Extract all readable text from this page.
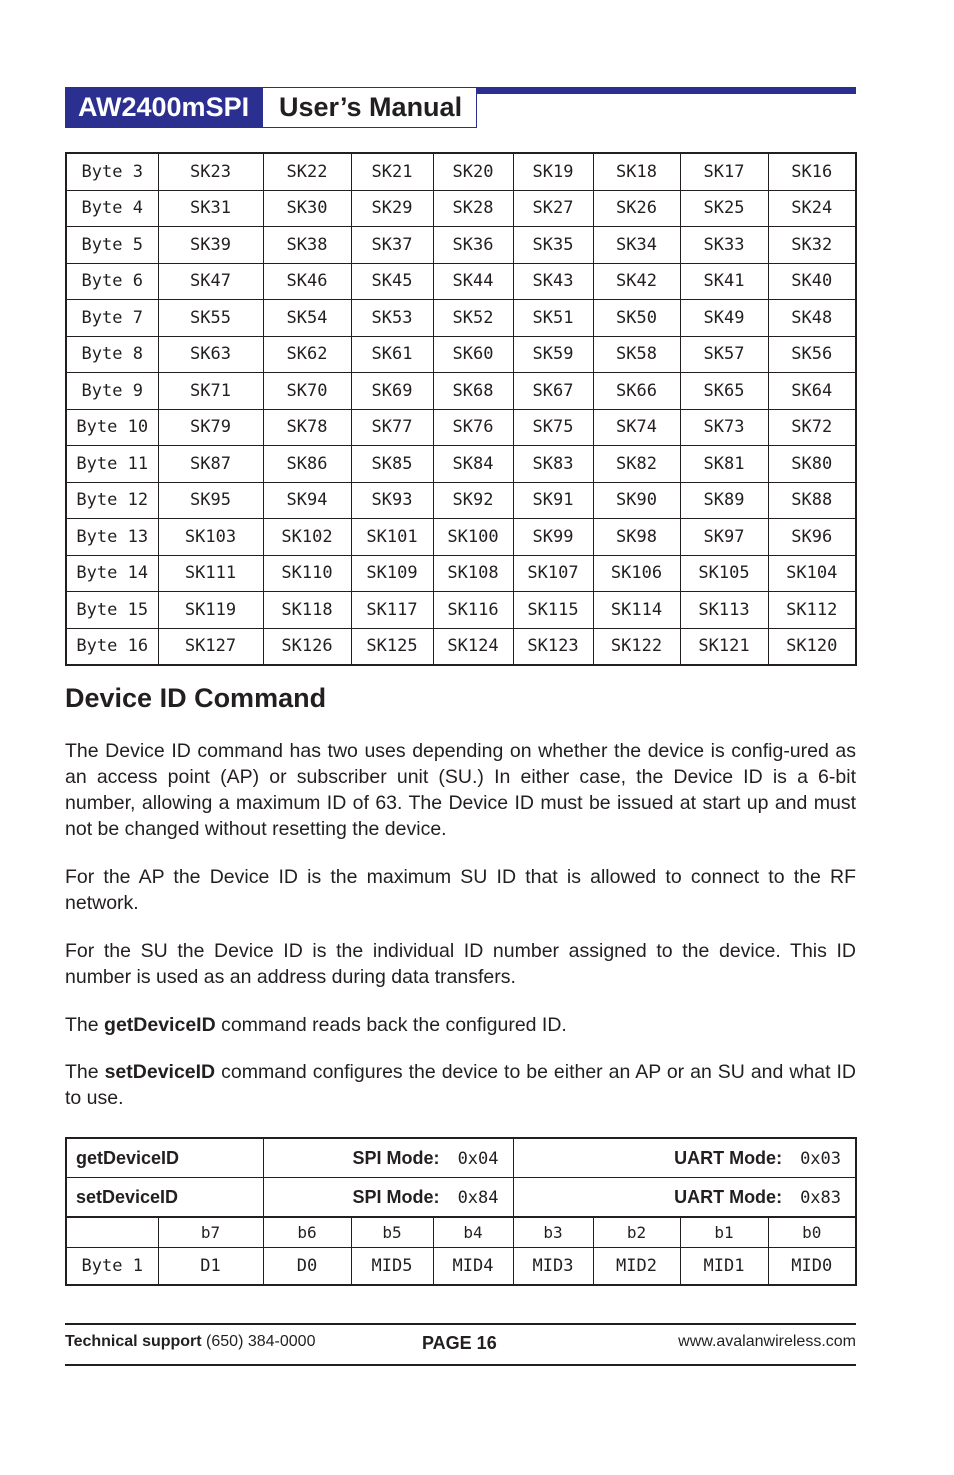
AW2400mSPI	User’s Manual
Byte 3	SK23	SK22	SK21	SK20	SK19	SK18	SK17	SK16
Byte 4	SK31	SK30	SK29	SK28	SK27	SK26	SK25	SK24
Byte 5	SK39	SK38	SK37	SK36	SK35	SK34	SK33	SK32
Byte 6	SK47	SK46	SK45	SK44	SK43	SK42	SK41	SK40
Byte 7	SK55	SK54	SK53	SK52	SK51	SK50	SK49	SK48
Byte 8	SK63	SK62	SK61	SK60	SK59	SK58	SK57	SK56
Byte 9	SK71	SK70	SK69	SK68	SK67	SK66	SK65	SK64
Byte 10	SK79	SK78	SK77	SK76	SK75	SK74	SK73	SK72
Byte 11	SK87	SK86	SK85	SK84	SK83	SK82	SK81	SK80
Byte 12	SK95	SK94	SK93	SK92	SK91	SK90	SK89	SK88
Byte 13	SK103	SK102	SK101	SK100	SK99	SK98	SK97	SK96
Byte 14	SK111	SK110	SK109	SK108	SK107	SK106	SK105	SK104
Byte 15	SK119	SK118	SK117	SK116	SK115	SK114	SK113	SK112
Byte 16	SK127	SK126	SK125	SK124	SK123	SK122	SK121	SK120
Device ID Command

The Device ID command has two uses depending on whether the device is config-ured as an access point (AP) or subscriber unit (SU.) In either case, the Device ID is a 6-bit number, allowing a maximum ID of 63. The Device ID must be issued at start up and must not be changed without resetting the device.

For the AP the Device ID is the maximum SU ID that is allowed to connect to the RF network.

For the SU the Device ID is the individual ID number assigned to the device. This ID number is used as an address during data transfers.

The getDeviceID command reads back the configured ID.

The setDeviceID command configures the device to be either an AP or an SU and what ID to use.

getDeviceID		SPI Mode: 0x04			UART Mode: 0x03			
setDeviceID		SPI Mode: 0x84			UART Mode: 0x83			
	b7	b6	b5	b4	b3	b2	b1	b0
Byte 1	D1	D0	MID5	MID4	MID3	MID2	MID1	MID0
Technical support (650) 384-0000	PAGE 16	www.avalanwireless.com
